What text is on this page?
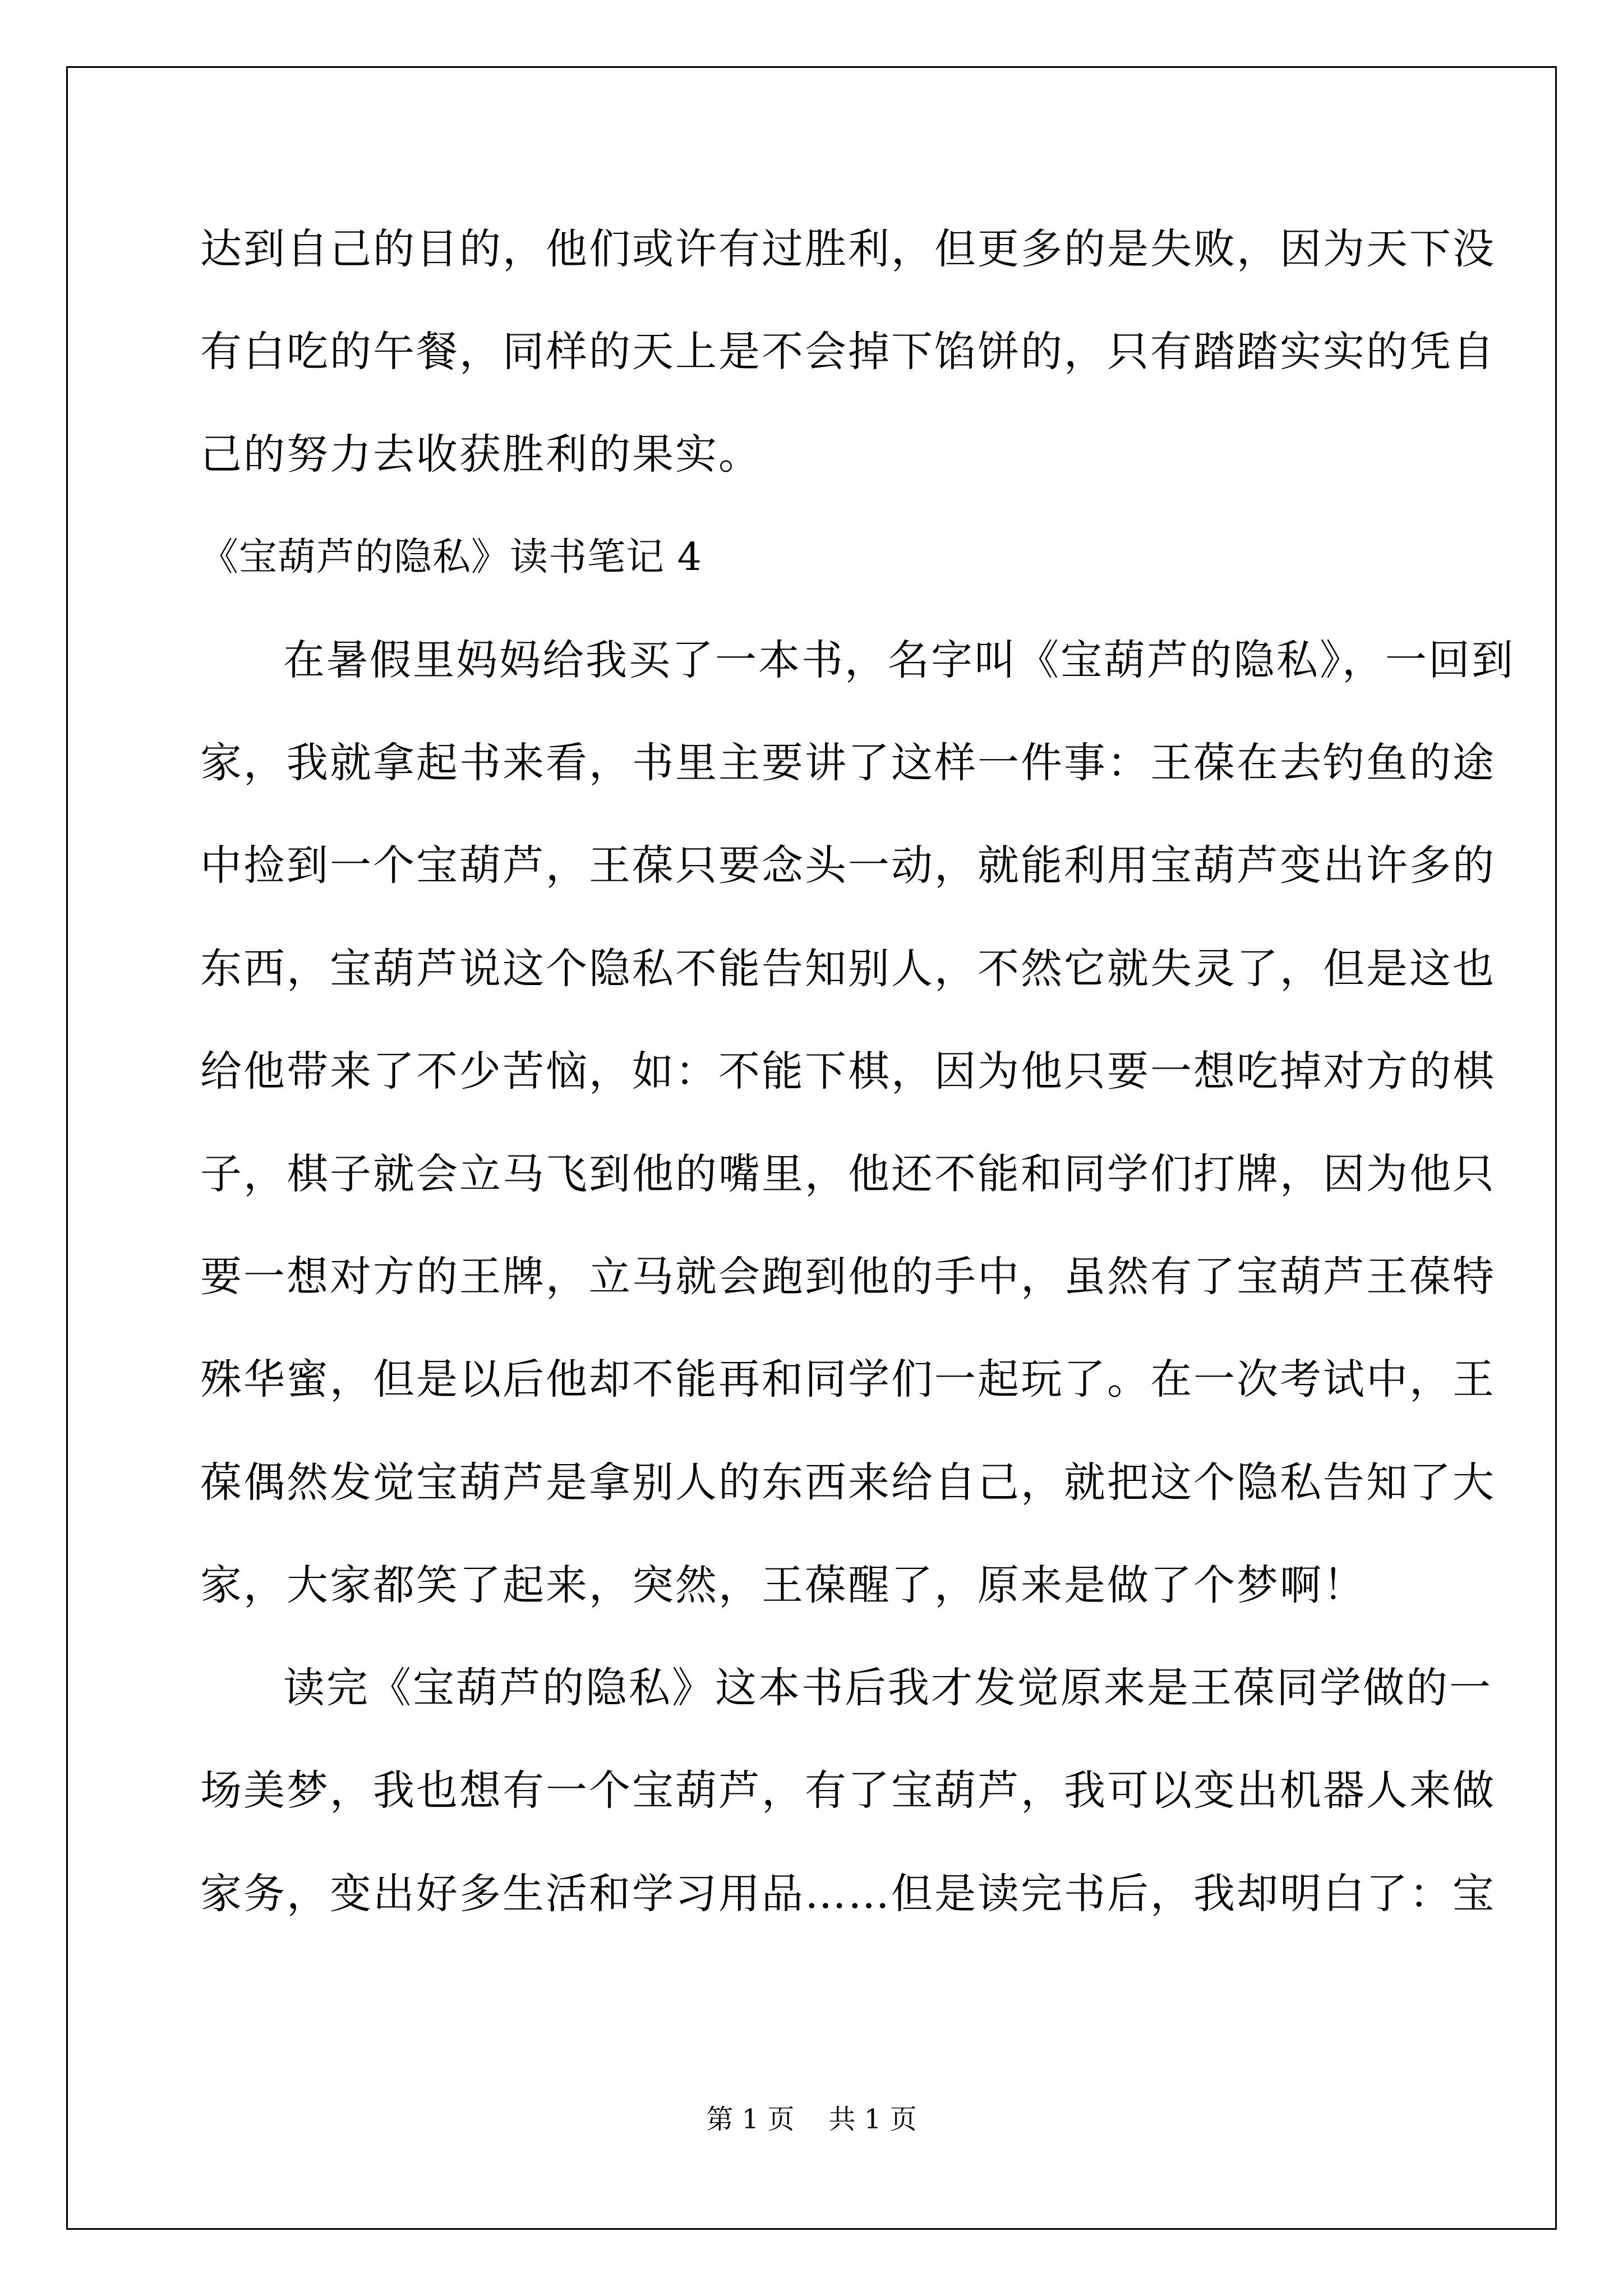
达到自己的目的，他们或许有过胜利，但更多的是失败，因为天下没

有白吃的午餐，同样的天上是不会掉下馅饼的，只有踏踏实实的凭自

己的努力去收获胜利的果实。

《宝葫芦的隐私》读书笔记 4

在暑假里妈妈给我买了一本书，名字叫《宝葫芦的隐私》，一回到

家，我就拿起书来看，书里主要讲了这样一件事：王葆在去钓鱼的途

中捡到一个宝葫芦，王葆只要念头一动，就能利用宝葫芦变出许多的

东西，宝葫芦说这个隐私不能告知别人，不然它就失灵了，但是这也

给他带来了不少苦恼，如：不能下棋，因为他只要一想吃掉对方的棋

子，棋子就会立马飞到他的嘴里，他还不能和同学们打牌，因为他只

要一想对方的王牌，立马就会跑到他的手中，虽然有了宝葫芦王葆特

殊华蜜，但是以后他却不能再和同学们一起玩了。在一次考试中，王

葆偶然发觉宝葫芦是拿别人的东西来给自己，就把这个隐私告知了大

家，大家都笑了起来，突然，王葆醒了，原来是做了个梦啊！

读完《宝葫芦的隐私》这本书后我才发觉原来是王葆同学做的一

场美梦，我也想有一个宝葫芦，有了宝葫芦，我可以变出机器人来做

家务，变出好多生活和学习用品……但是读完书后，我却明白了：宝

第 1 页    共 1 页
